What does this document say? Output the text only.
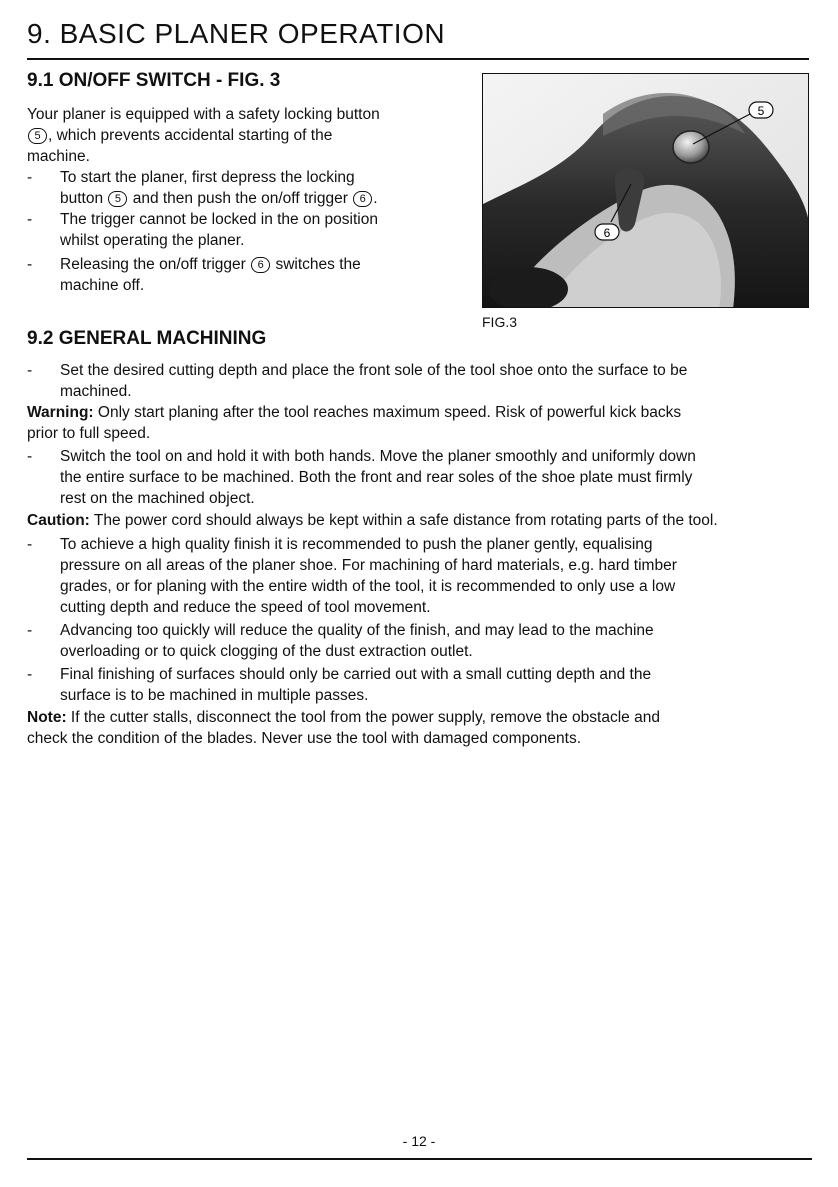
9. BASIC PLANER OPERATION
9.1 ON/OFF SWITCH - FIG. 3
Your planer is equipped with a safety locking button
5 , which prevents accidental starting of the
machine.
- To start the planer, first depress the locking
button 5 and then push the on/off trigger 6 .
- The trigger cannot be locked in the on position
whilst operating the planer.
- Releasing the on/off trigger 6 switches the
machine off.
5
6
FIG.3
9.2 GENERAL MACHINING
- Set the desired cutting depth and place the front sole of the tool shoe onto the surface to be
machined.
Warning: Only start planing after the tool reaches maximum speed. Risk of powerful kick backs
prior to full speed.
- Switch the tool on and hold it with both hands. Move the planer smoothly and uniformly down
the entire surface to be machined. Both the front and rear soles of the shoe plate must firmly
rest on the machined object.
Caution: The power cord should always be kept within a safe distance from rotating parts of the tool.
- To achieve a high quality finish it is recommended to push the planer gently, equalising
pressure on all areas of the planer shoe. For machining of hard materials, e.g. hard timber
grades, or for planing with the entire width of the tool, it is recommended to only use a low
cutting depth and reduce the speed of tool movement.
- Advancing too quickly will reduce the quality of the finish, and may lead to the machine
overloading or to quick clogging of the dust extraction outlet.
- Final finishing of surfaces should only be carried out with a small cutting depth and the
surface is to be machined in multiple passes.
Note: If the cutter stalls, disconnect the tool from the power supply, remove the obstacle and
check the condition of the blades. Never use the tool with damaged components.
- 12 -
